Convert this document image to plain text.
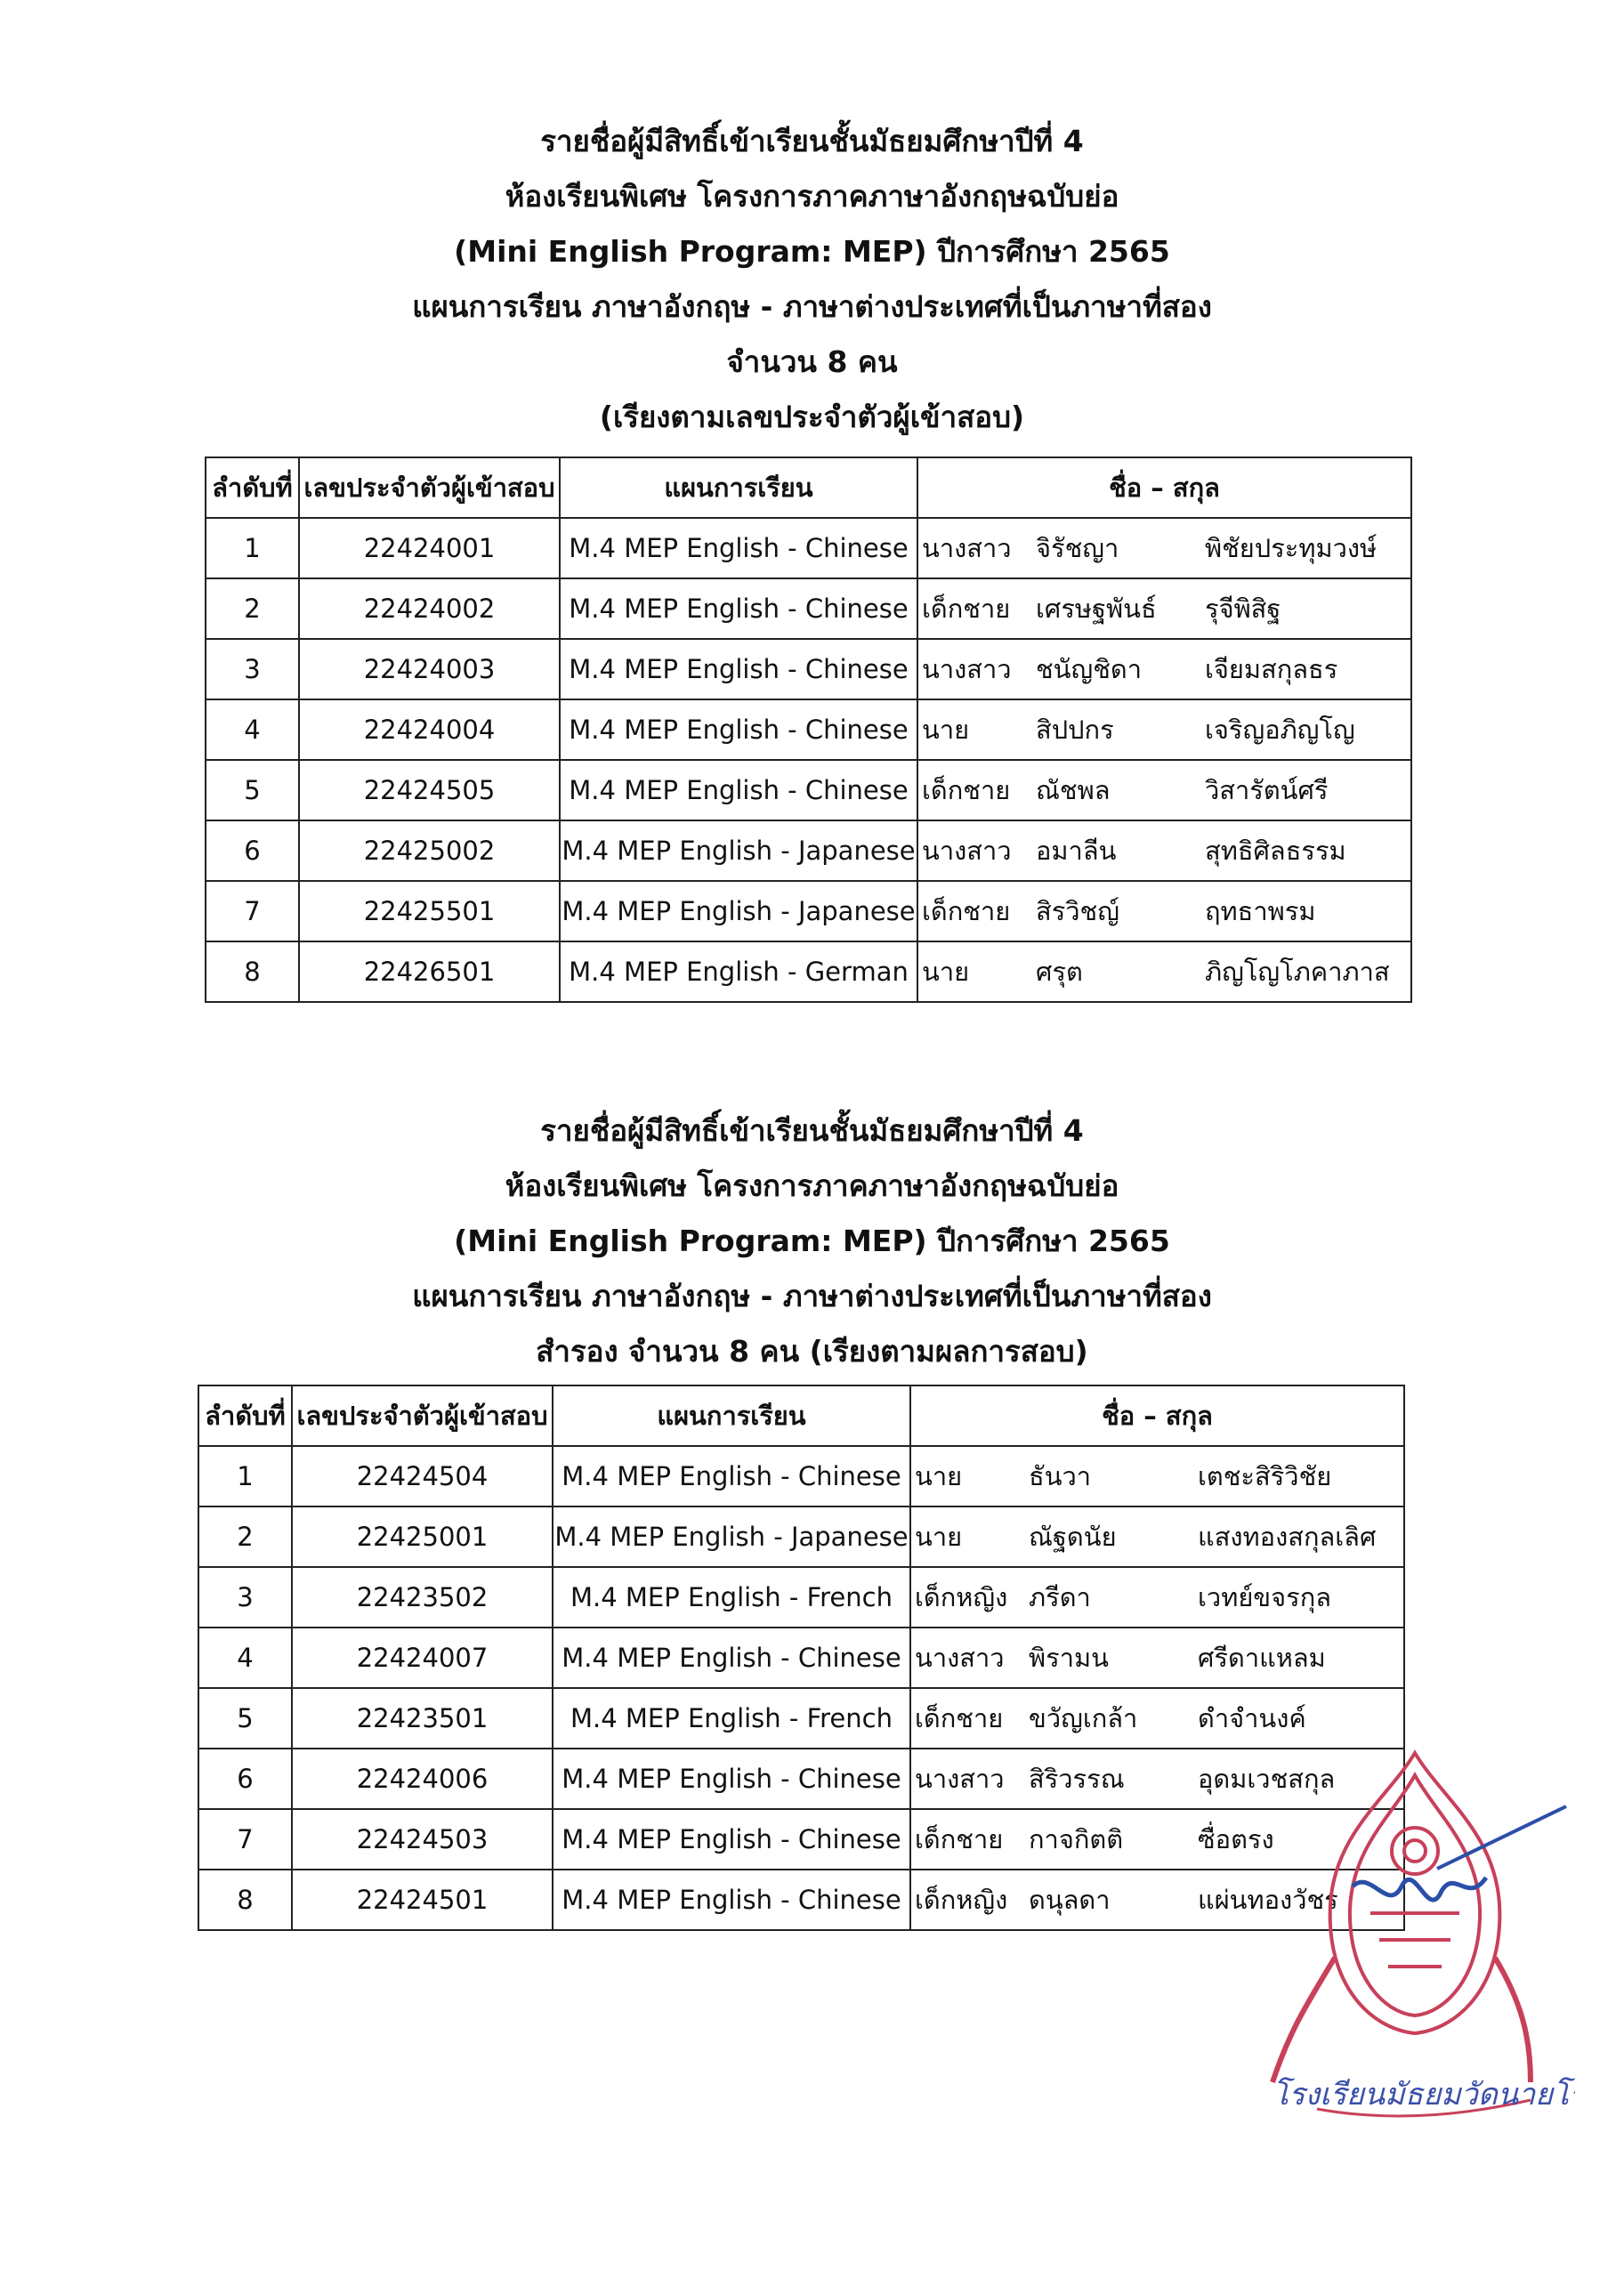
รายชื่อผู้มีสิทธิ์เข้าเรียนชั้นมัธยมศึกษาปีที่ 4
ห้องเรียนพิเศษ โครงการภาคภาษาอังกฤษฉบับย่อ
(Mini English Program: MEP) ปีการศึกษา 2565
แผนการเรียน ภาษาอังกฤษ - ภาษาต่างประเทศที่เป็นภาษาที่สอง
จำนวน 8 คน
(เรียงตามเลขประจำตัวผู้เข้าสอบ)
ลำดับที่	เลขประจำตัวผู้เข้าสอบ	แผนการเรียน	ชื่อ – สกุล
1	22424001	M.4 MEP English - Chinese	นางสาว จิรัชญา พิชัยประทุมวงษ์
2	22424002	M.4 MEP English - Chinese	เด็กชาย เศรษฐพันธ์ รุจีพิสิฐ
3	22424003	M.4 MEP English - Chinese	นางสาว ชนัญชิดา เจียมสกุลธร
4	22424004	M.4 MEP English - Chinese	นาย สิปปกร เจริญอภิญโญ
5	22424505	M.4 MEP English - Chinese	เด็กชาย ณัชพล วิสารัตน์ศรี
6	22425002	M.4 MEP English - Japanese	นางสาว อมาลีน สุทธิศิลธรรม
7	22425501	M.4 MEP English - Japanese	เด็กชาย สิรวิชญ์ ฤทธาพรม
8	22426501	M.4 MEP English - German	นาย ศรุต ภิญโญโภคาภาส
รายชื่อผู้มีสิทธิ์เข้าเรียนชั้นมัธยมศึกษาปีที่ 4
ห้องเรียนพิเศษ โครงการภาคภาษาอังกฤษฉบับย่อ
(Mini English Program: MEP) ปีการศึกษา 2565
แผนการเรียน ภาษาอังกฤษ - ภาษาต่างประเทศที่เป็นภาษาที่สอง
สำรอง จำนวน 8 คน (เรียงตามผลการสอบ)
ลำดับที่	เลขประจำตัวผู้เข้าสอบ	แผนการเรียน	ชื่อ – สกุล
1	22424504	M.4 MEP English - Chinese	นาย ธันวา เตชะสิริวิชัย
2	22425001	M.4 MEP English - Japanese	นาย ณัฐดนัย แสงทองสกุลเลิศ
3	22423502	M.4 MEP English - French	เด็กหญิง ภรีดา เวทย์ขจรกุล
4	22424007	M.4 MEP English - Chinese	นางสาว พิรามน ศรีดาแหลม
5	22423501	M.4 MEP English - French	เด็กชาย ขวัญเกล้า ดำจำนงค์
6	22424006	M.4 MEP English - Chinese	นางสาว สิริวรรณ อุดมเวชสกุล
7	22424503	M.4 MEP English - Chinese	เด็กชาย กาจกิตติ ซื่อตรง
8	22424501	M.4 MEP English - Chinese	เด็กหญิง ดนุลดา แผ่นทองวัชร
โรงเรียนมัธยมวัดนายโรง
